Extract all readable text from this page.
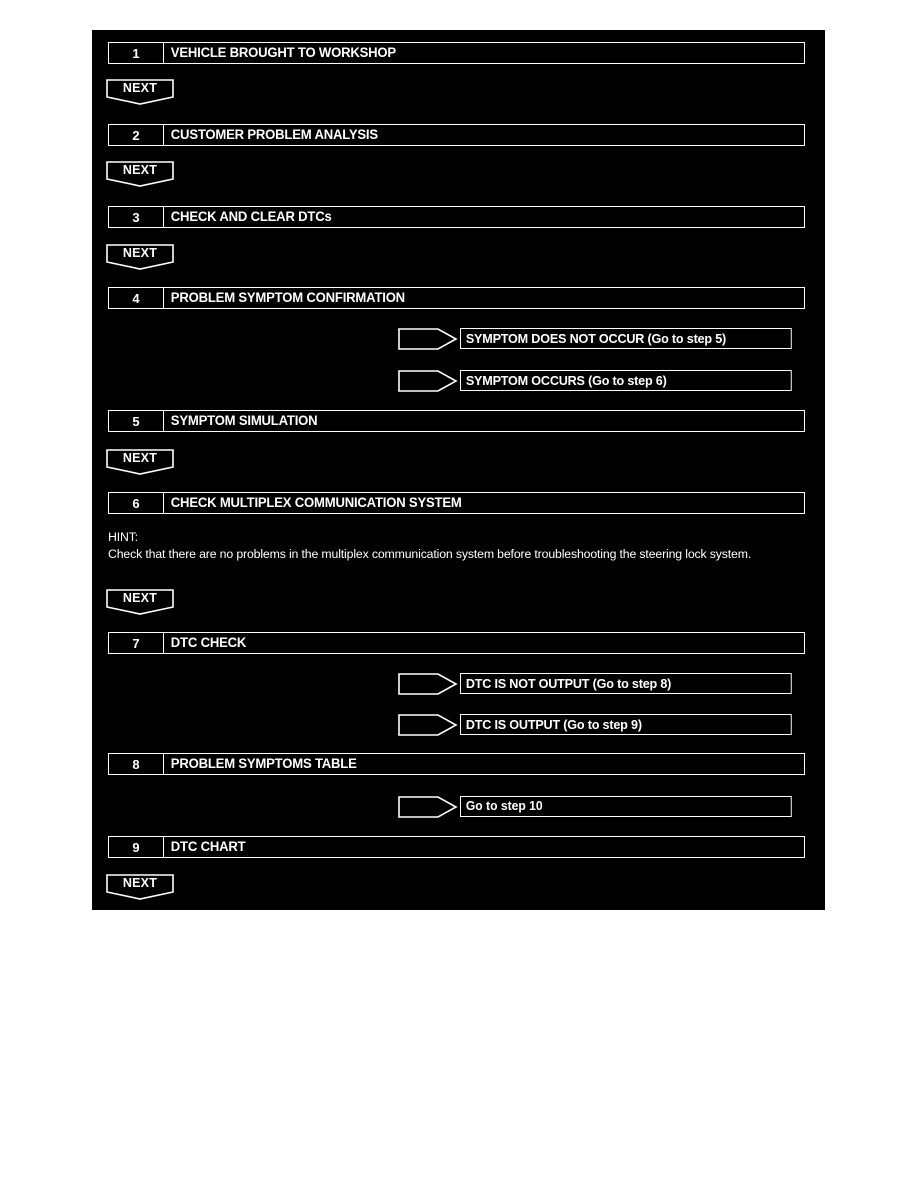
1	VEHICLE BROUGHT TO WORKSHOP
NEXT
2	CUSTOMER PROBLEM ANALYSIS
NEXT
3	CHECK AND CLEAR DTCs
NEXT
4	PROBLEM SYMPTOM CONFIRMATION
SYMPTOM DOES NOT OCCUR (Go to step 5)
SYMPTOM OCCURS (Go to step 6)
5	SYMPTOM SIMULATION
NEXT
6	CHECK MULTIPLEX COMMUNICATION SYSTEM
HINT:
Check that there are no problems in the multiplex communication system before troubleshooting the steering lock system.
NEXT
7	DTC CHECK
DTC IS NOT OUTPUT (Go to step 8)
DTC IS OUTPUT (Go to step 9)
8	PROBLEM SYMPTOMS TABLE
Go to step 10
9	DTC CHART
NEXT
